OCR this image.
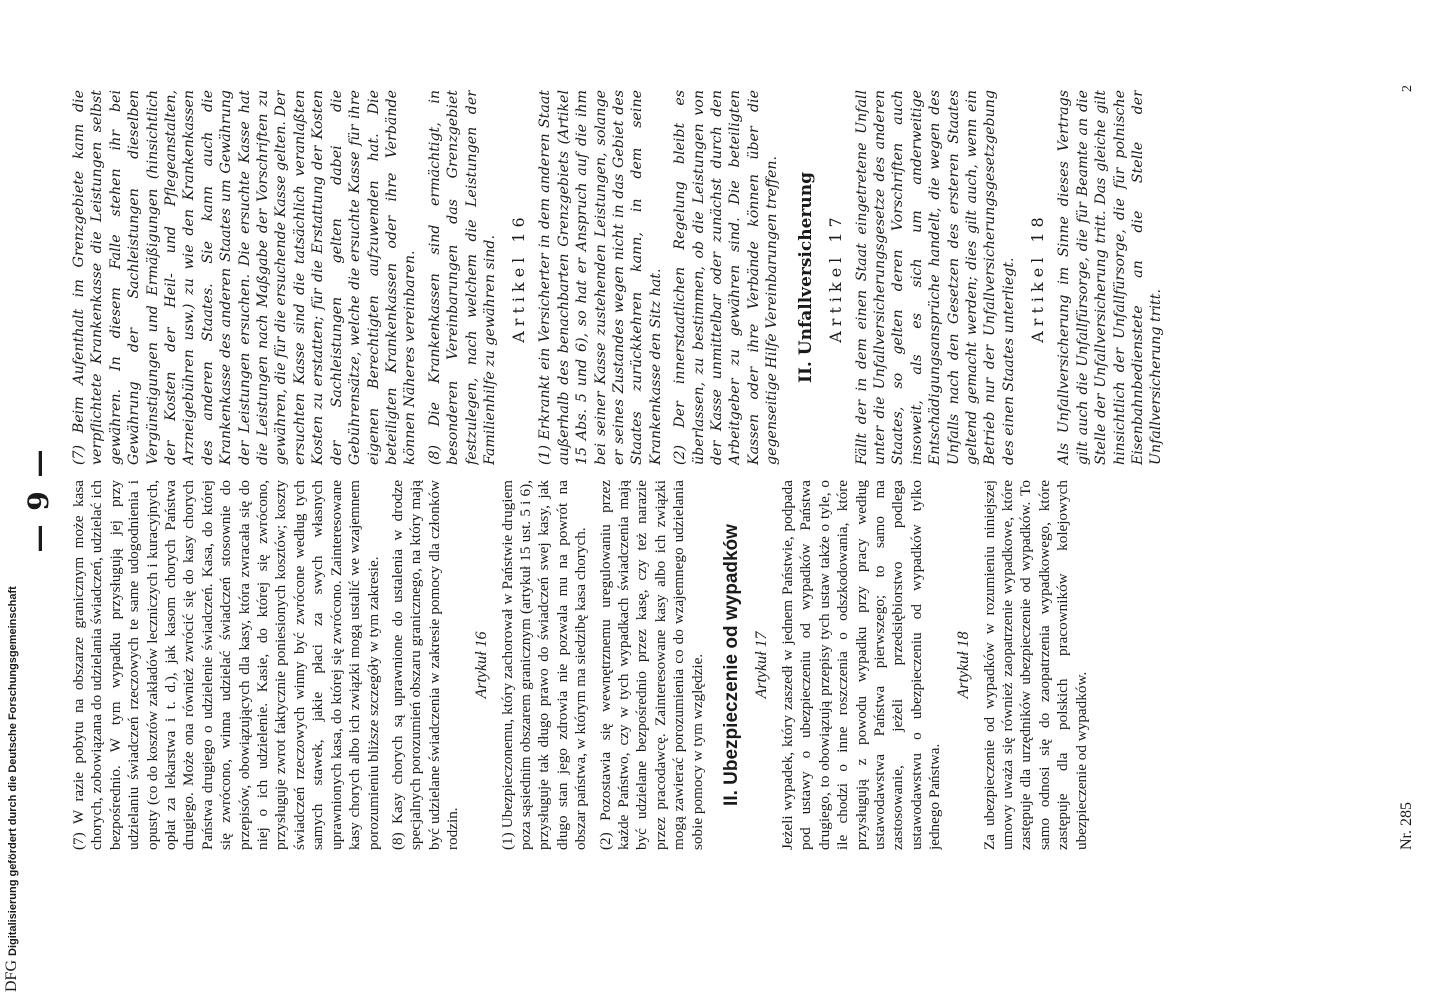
DFG Digitalisierung gefördert durch die Deutsche Forschungsgemeinschaft
— 9 — (7) W razie pobytu na obszarze granicznym może kasa chorych, zobowiązana do udzielania świadczeń, udzielać ich bezpośrednio. W tym wypadku przysługują jej przy udzielaniu świadczeń rzeczowych te same udogodnienia i opusty (co do kosztów zakładów leczniczych i kuracyjnych, opłat za lekarstwa i t. d.), jak kasom chorych Państwa drugiego. Może ona również zwrócić się do kasy chorych Państwa drugiego o udzielenie świadczeń. Kasa, do której się zwrócono, winna udzielać świadczeń stosownie do przepisów, obowiązujących dla kasy, która zwracała się do niej o ich udzielenie. Kasie, do której się zwrócono, przysługuje zwrot faktycznie poniesionych kosztów; koszty świadczeń rzeczowych winny być zwrócone według tych samych stawek, jakie płaci za swych własnych uprawnionych kasa, do której się zwrócono. Zainteresowane kasy chorych albo ich związki mogą ustalić we wzajemnem porozumieniu bliższe szczegóły w tym zakresie. (8) Kasy chorych są uprawnione do ustalenia w drodze specjalnych porozumień obszaru granicznego, na który mają być udzielane świadczenia w zakresie pomocy dla członków rodzin.

Artykuł 16 (1) Ubezpieczonemu, który zachorował w Państwie drugiem poza sąsiednim obszarem granicznym (artykuł 15 ust. 5 i 6), przysługuje tak długo prawo do świadczeń swej kasy, jak długo stan jego zdrowia nie pozwala mu na powrót na obszar państwa, w którym ma siedzibę kasa chorych. (2) Pozostawia się wewnętrznemu uregulowaniu przez każde Państwo, czy w tych wypadkach świadczenia mają być udzielane bezpośrednio przez kasę, czy też naraziе przez pracodawcę. Zainteresowane kasy albo ich związki mogą zawierać porozumienia co do wzajemnego udzielania sobie pomocy w tym względzie. II. Ubezpieczenie od wypadków Artykuł 17 Jeżeli wypadek, który zaszedł w jednem Państwie, podpada pod ustawy o ubezpieczeniu od wypadków Państwa drugiego, to obowiązują przepisy tych ustaw także o tyle, o ile chodzi o inne roszczenia o odszkodowania, które przysługują z powodu wypadku przy pracy według ustawodawstwa Państwa pierwszego; to samo ma zastosowanie, jeżeli przedsiębiorstwo podlega ustawodawstwu o ubezpieczeniu od wypadków tylko jednego Państwa.

Artykuł 18 Za ubezpieczenie od wypadków w rozumieniu niniejszej umowy uważa się również zaopatrzenie wypadkowe, które zastępuje dla urzędników ubezpieczenie od wypadków. To samo odnosi się do zaopatrzenia wypadkowego, które zastępuje dla polskich pracowników kolejowych ubezpieczenie od wypadków.

(7) Beim Aufenthalt im Grenzgebiete kann die verpflichtete Krankenkasse die Leistungen selbst gewähren. In diesem Falle stehen ihr bei Gewährung der Sachleistungen dieselben Vergünstigungen und Ermäßigungen (hinsichtlich der Kosten der Heil- und Pflegeanstalten, Arzneigebühren usw.) zu wie den Krankenkassen des anderen Staates. Sie kann auch die Krankenkasse des anderen Staates um Gewährung der Leistungen ersuchen. Die ersuchte Kasse hat die Leistungen nach Maßgabe der Vorschriften zu gewähren, die für die ersuchende Kasse gelten. Der ersuchten Kasse sind die tatsächlich veranlaßten Kosten zu erstatten; für die Erstattung der Kosten der Sachleistungen gelten dabei die Gebührensätze, welche die ersuchte Kasse für ihre eigenen Berechtigten aufzuwenden hat. Die beteiligten Krankenkassen oder ihre Verbände können Näheres vereinbaren. (8) Die Krankenkassen sind ermächtigt, in besonderen Vereinbarungen das Grenzgebiet festzulegen, nach welchem die Leistungen der Familienhilfe zu gewähren sind. Artikel 16 (1) Erkrankt ein Versicherter in dem anderen Staat außerhalb des benachbarten Grenzgebiets (Artikel 15 Abs. 5 und 6), so hat er Anspruch auf die ihm bei seiner Kasse zustehenden Leistungen, solange er seines Zustandes wegen nicht in das Gebiet des Staates zurückkehren kann, in dem seine Krankenkasse den Sitz hat. (2) Der innerstaatlichen Regelung bleibt es überlassen, zu bestimmen, ob die Leistungen von der Kasse unmittelbar oder zunächst durch den Arbeitgeber zu gewähren sind. Die beteiligten Kassen oder ihre Verbände können über die gegenseitige Hilfe Vereinbarungen treffen. II. Unfallversicherung Artikel 17 Fällt der in dem einen Staat eingetretene Unfall unter die Unfallversicherungsgesetze des anderen Staates, so gelten deren Vorschriften auch insoweit, als es sich um anderweitige Entschädigungsansprüche handelt, die wegen des Unfalls nach den Gesetzen des ersteren Staates geltend gemacht werden; dies gilt auch, wenn ein Betrieb nur der Unfallversicherungsgesetzgebung des einen Staates unterliegt. Artikel 18 Als Unfallversicherung im Sinne dieses Vertrags gilt auch die Unfallfürsorge, die für Beamte an die Stelle der Unfallversicherung tritt. Das gleiche gilt hinsichtlich der Unfallfürsorge, die für polnische Eisenbahnbedienstete an die Stelle der Unfallversicherung tritt.

Nr. 285
2
